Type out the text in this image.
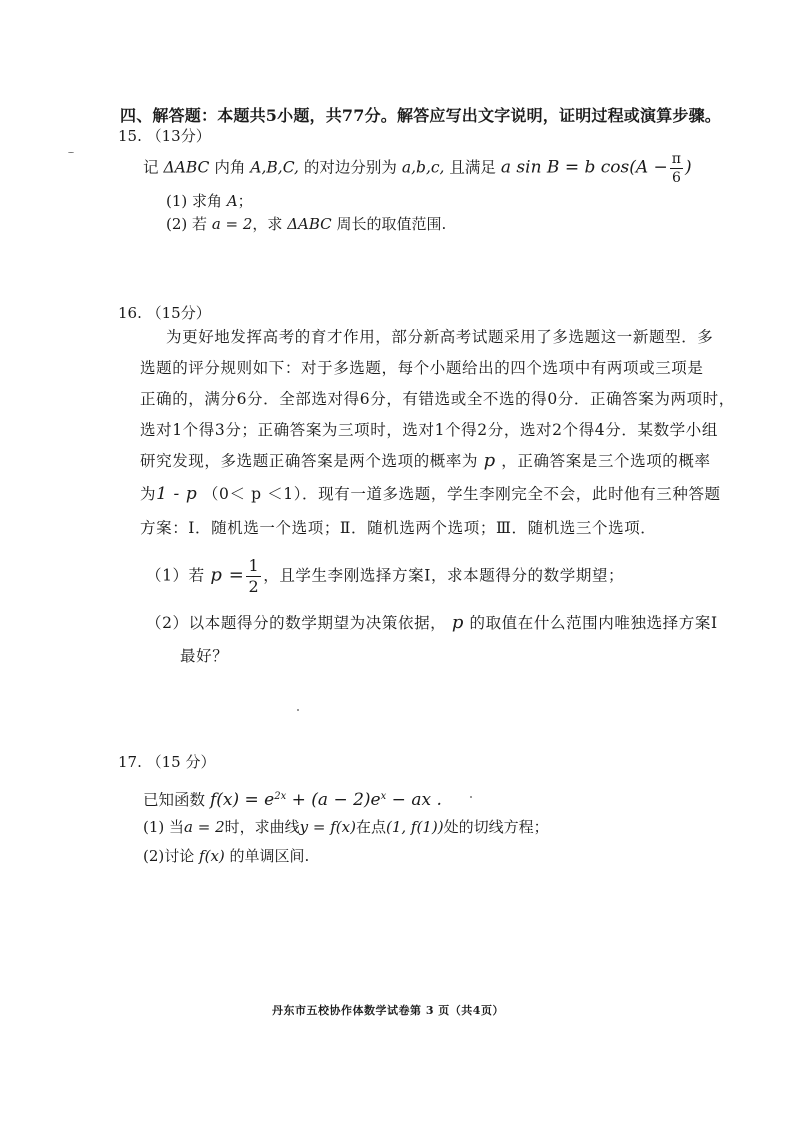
四、解答题：本题共5小题，共77分。解答应写出文字说明，证明过程或演算步骤。
15. （13分）
记 ΔABC 内角 A,B,C, 的对边分别为 a,b,c, 且满足 a sin B = b $\cos(A - \frac{\pi}{6}$ )
(1) 求角 A；
(2) 若 a = 2，求 ΔABC 周长的取值范围.
16. （15分）
为更好地发挥高考的育才作用，部分新高考试题采用了多选题这一新题型．多
选题的评分规则如下：对于多选题，每个小题给出的四个选项中有两项或三项是
正确的，满分6分．全部选对得6分，有错选或全不选的得0分．正确答案为两项时，
选对1个得3分；正确答案为三项时，选对1个得2分，选对2个得4分．某数学小组
研究发现，多选题正确答案是两个选项的概率为 p ，正确答案是三个选项的概率
为1 - p （0＜ p ＜1）．现有一道多选题，学生李刚完全不会，此时他有三种答题
方案：Ⅰ．随机选一个选项；Ⅱ．随机选两个选项；Ⅲ．随机选三个选项．
（1）若 $p = \frac{1}{2}$ ，且学生李刚选择方案Ⅰ，求本题得分的数学期望；
（2）以本题得分的数学期望为决策依据， p 的取值在什么范围内唯独选择方案Ⅰ
最好？
17. （15 分）
已知函数 $f(x) = e^{2x} + (a - 2)e^x$ − ax .
(1) 当a = 2时，求曲线y = f(x)在点(1, f(1))处的切线方程；
(2)讨论 f(x) 的单调区间.
丹东市五校协作体数学试卷第 3 页（共4页）
